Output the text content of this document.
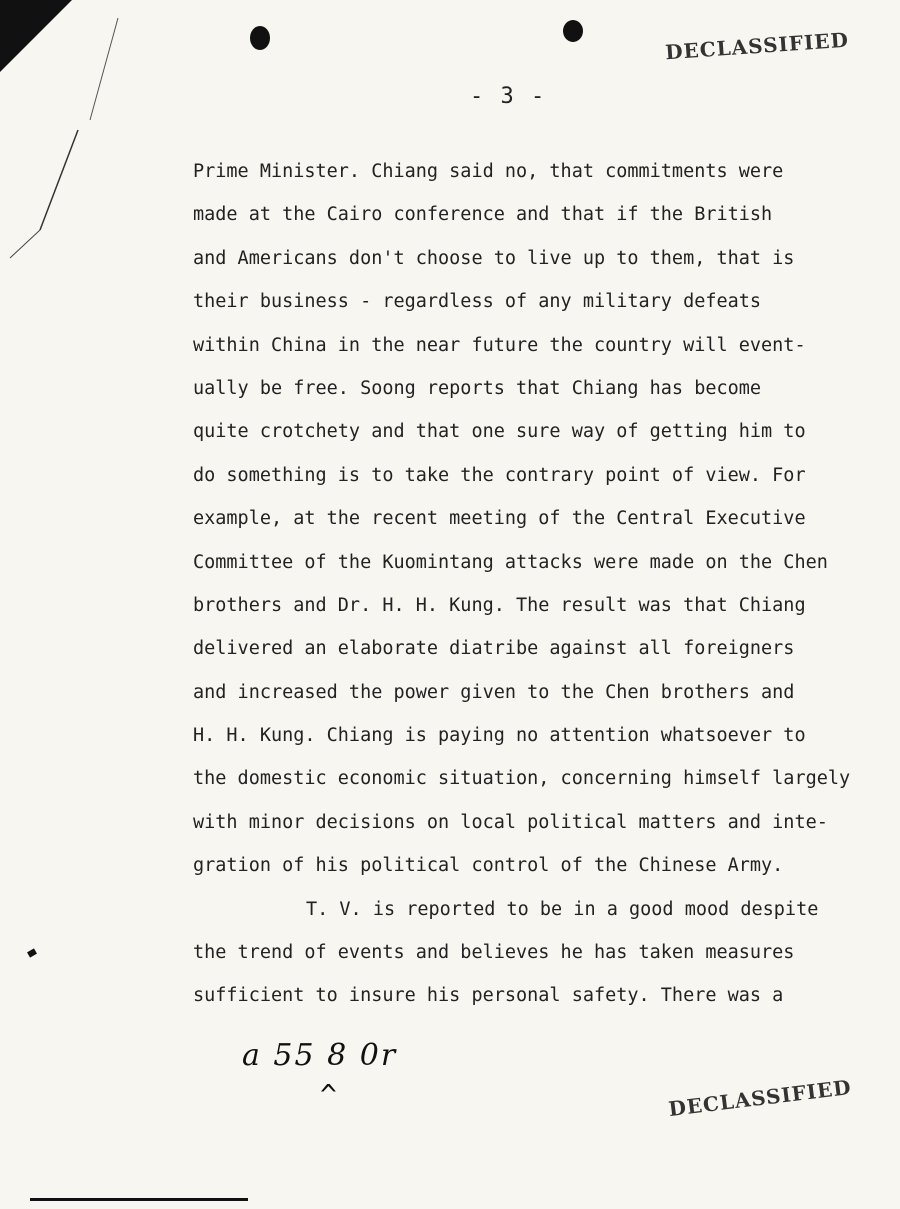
DECLASSIFIED
- 3 -
Prime Minister. Chiang said no, that commitments were
made at the Cairo conference and that if the British
and Americans don't choose to live up to them, that is
their business - regardless of any military defeats
within China in the near future the country will event-
ually be free. Soong reports that Chiang has become
quite crotchety and that one sure way of getting him to
do something is to take the contrary point of view. For
example, at the recent meeting of the Central Executive
Committee of the Kuomintang attacks were made on the Chen
brothers and Dr. H. H. Kung. The result was that Chiang
delivered an elaborate diatribe against all foreigners
and increased the power given to the Chen brothers and
H. H. Kung. Chiang is paying no attention whatsoever to
the domestic economic situation, concerning himself largely
with minor decisions on local political matters and inte-
gration of his political control of the Chinese Army.
T. V. is reported to be in a good mood despite
the trend of events and believes he has taken measures
sufficient to insure his personal safety. There was a
a 55 8 0r
^	DECLASSIFIED
